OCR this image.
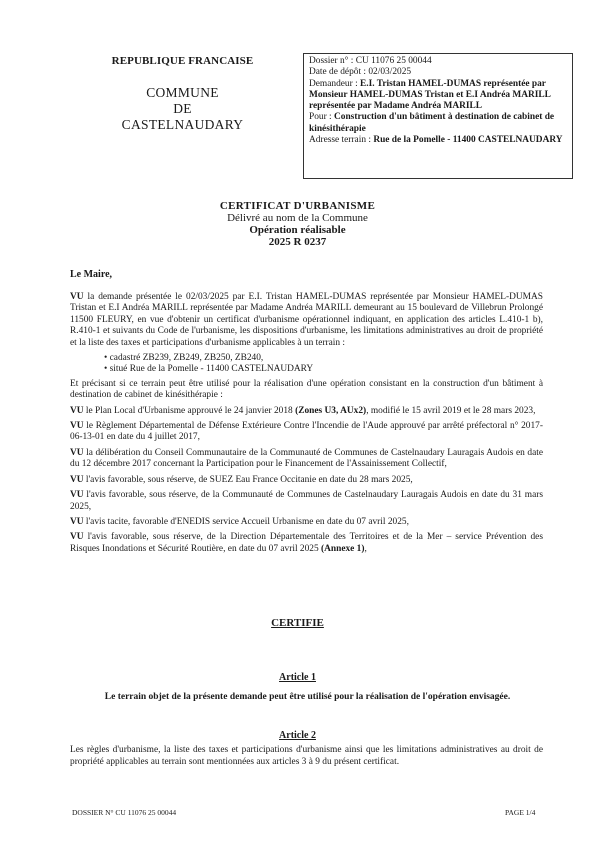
REPUBLIQUE FRANCAISE
COMMUNE
DE
CASTELNAUDARY
Dossier n° : CU 11076 25 00044
Date de dépôt : 02/03/2025
Demandeur : E.I. Tristan HAMEL-DUMAS représentée par Monsieur HAMEL-DUMAS Tristan et E.I Andréa MARILL représentée par Madame Andréa MARILL
Pour : Construction d'un bâtiment à destination de cabinet de kinésithérapie
Adresse terrain : Rue de la Pomelle - 11400 CASTELNAUDARY
CERTIFICAT D'URBANISME
Délivré au nom de la Commune
Opération réalisable
2025 R 0237
Le Maire,

VU la demande présentée le 02/03/2025 par E.I. Tristan HAMEL-DUMAS représentée par Monsieur HAMEL-DUMAS Tristan et E.I Andréa MARILL représentée par Madame Andréa MARILL demeurant au 15 boulevard de Villebrun Prolongé 11500 FLEURY, en vue d'obtenir un certificat d'urbanisme opérationnel indiquant, en application des articles L.410-1 b), R.410-1 et suivants du Code de l'urbanisme, les dispositions d'urbanisme, les limitations administratives au droit de propriété et la liste des taxes et participations d'urbanisme applicables à un terrain :

• cadastré ZB239, ZB249, ZB250, ZB240,
• situé Rue de la Pomelle - 11400 CASTELNAUDARY

Et précisant si ce terrain peut être utilisé pour la réalisation d'une opération consistant en la construction d'un bâtiment à destination de cabinet de kinésithérapie :

VU le Plan Local d'Urbanisme approuvé le 24 janvier 2018 (Zones U3, AUx2), modifié le 15 avril 2019 et le 28 mars 2023,

VU le Règlement Départemental de Défense Extérieure Contre l'Incendie de l'Aude approuvé par arrêté préfectoral n° 2017-06-13-01 en date du 4 juillet 2017,

VU la délibération du Conseil Communautaire de la Communauté de Communes de Castelnaudary Lauragais Audois en date du 12 décembre 2017 concernant la Participation pour le Financement de l'Assainissement Collectif,

VU l'avis favorable, sous réserve, de SUEZ Eau France Occitanie en date du 28 mars 2025,

VU l'avis favorable, sous réserve, de la Communauté de Communes de Castelnaudary Lauragais Audois en date du 31 mars 2025,

VU l'avis tacite, favorable d'ENEDIS service Accueil Urbanisme en date du 07 avril 2025,

VU l'avis favorable, sous réserve, de la Direction Départementale des Territoires et de la Mer – service Prévention des Risques Inondations et Sécurité Routière, en date du 07 avril 2025 (Annexe 1),

CERTIFIE
Article 1
Le terrain objet de la présente demande peut être utilisé pour la réalisation de l'opération envisagée.
Article 2
Les règles d'urbanisme, la liste des taxes et participations d'urbanisme ainsi que les limitations administratives au droit de propriété applicables au terrain sont mentionnées aux articles 3 à 9 du présent certificat.
DOSSIER N° CU 11076 25 00044	PAGE 1/4
